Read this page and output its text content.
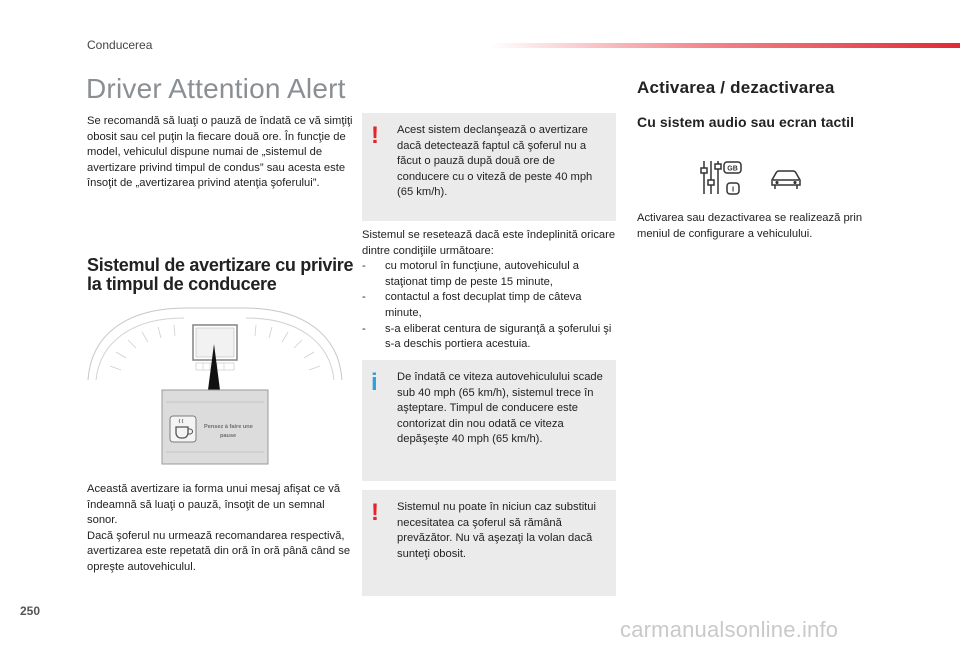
Conducerea
Driver Attention Alert
Se recomandă să luaţi o pauză de îndată ce vă simţiţi obosit sau cel puţin la fiecare două ore. În funcţie de model, vehiculul dispune numai de „sistemul de avertizare privind timpul de condus” sau acesta este însoţit de „avertizarea privind atenţia şoferului”.
Sistemul de avertizare cu privire la timpul de conducere
Pensez à faire une pause
Această avertizare ia forma unui mesaj afişat ce vă îndeamnă să luaţi o pauză, însoţit de un semnal sonor.
Dacă şoferul nu urmează recomandarea respectivă, avertizarea este repetată din oră în oră până când se opreşte autovehiculul.
! Acest sistem declanşează o avertizare dacă detectează faptul că şoferul nu a făcut o pauză după două ore de conducere cu o viteză de peste 40 mph (65 km/h).
Sistemul se resetează dacă este îndeplinită oricare dintre condiţiile următoare:
- cu motorul în funcţiune, autovehiculul a staţionat timp de peste 15 minute,
- contactul a fost decuplat timp de câteva minute,
- s-a eliberat centura de siguranţă a şoferului şi s-a deschis portiera acestuia.
i De îndată ce viteza autovehiculului scade sub 40 mph (65 km/h), sistemul trece în aşteptare. Timpul de conducere este contorizat din nou odată ce viteza depăşeşte 40 mph (65 km/h).
! Sistemul nu poate în niciun caz substitui necesitatea ca şoferul să rămână prevăzător. Nu vă aşezaţi la volan dacă sunteţi obosit.
Activarea / dezactivarea
Cu sistem audio sau ecran tactil
GB
I
Activarea sau dezactivarea se realizează prin meniul de configurare a vehiculului.
250
carmanualsonline.info
